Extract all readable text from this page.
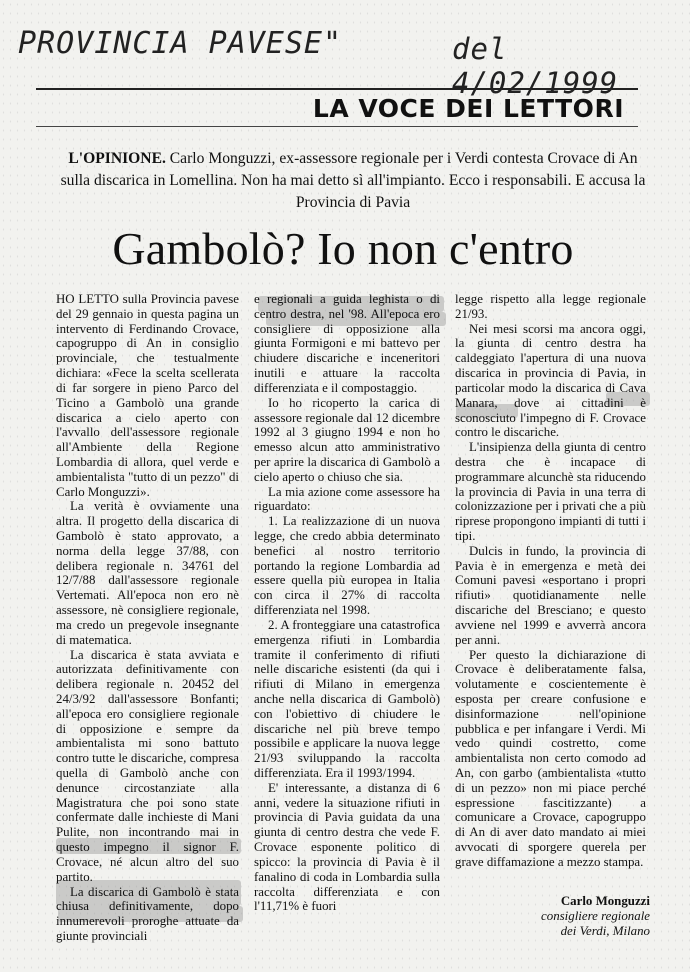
PROVINCIA PAVESE"	del 4/02/1999
LA VOCE DEI LETTORI
L'OPINIONE. Carlo Monguzzi, ex-assessore regionale per i Verdi contesta Crovace di An sulla discarica in Lomellina. Non ha mai detto sì all'impianto. Ecco i responsabili. E accusa la Provincia di Pavia
Gambolò? Io non c'entro

HO LETTO sulla Provincia pavese del 29 gennaio in questa pagina un intervento di Ferdinando Crovace, capogruppo di An in consiglio provinciale, che testualmente dichiara: «Fece la scelta scellerata di far sorgere in pieno Parco del Ticino a Gambolò una grande discarica a cielo aperto con l'avvallo dell'assessore regionale all'Ambiente della Regione Lombardia di allora, quel verde e ambientalista "tutto di un pezzo" di Carlo Monguzzi».

La verità è ovviamente una altra. Il progetto della discarica di Gambolò è stato approvato, a norma della legge 37/88, con delibera regionale n. 34761 del 12/7/88 dall'assessore regionale Vertemati. All'epoca non ero nè assessore, nè consigliere regionale, ma credo un pregevole insegnante di matematica.

La discarica è stata avviata e autorizzata definitivamente con delibera regionale n. 20452 del 24/3/92 dall'assessore Bonfanti; all'epoca ero consigliere regionale di opposizione e sempre da ambientalista mi sono battuto contro tutte le discariche, compresa quella di Gambolò anche con denunce circostanziate alla Magistratura che poi sono state confermate dalle inchieste di Mani Pulite, non incontrando mai in questo impegno il signor F. Crovace, né alcun altro del suo partito.

La discarica di Gambolò è stata chiusa definitivamente, dopo innumerevoli proroghe attuate da giunte provinciali

e regionali a guida leghista o di centro destra, nel '98. All'epoca ero consigliere di opposizione alla giunta Formigoni e mi battevo per chiudere discariche e inceneritori inutili e attuare la raccolta differenziata e il compostaggio.

Io ho ricoperto la carica di assessore regionale dal 12 dicembre 1992 al 3 giugno 1994 e non ho emesso alcun atto amministrativo per aprire la discarica di Gambolò a cielo aperto o chiuso che sia.

La mia azione come assessore ha riguardato:

1. La realizzazione di un nuova legge, che credo abbia determinato benefici al nostro territorio portando la regione Lombardia ad essere quella più europea in Italia con circa il 27% di raccolta differenziata nel 1998.

2. A fronteggiare una catastrofica emergenza rifiuti in Lombardia tramite il conferimento di rifiuti nelle discariche esistenti (da qui i rifiuti di Milano in emergenza anche nella discarica di Gambolò) con l'obiettivo di chiudere le discariche nel più breve tempo possibile e applicare la nuova legge 21/93 sviluppando la raccolta differenziata. Era il 1993/1994.

E' interessante, a distanza di 6 anni, vedere la situazione rifiuti in provincia di Pavia guidata da una giunta di centro destra che vede F. Crovace esponente politico di spicco: la provincia di Pavia è il fanalino di coda in Lombardia sulla raccolta differenziata e con l'11,71% è fuori

legge rispetto alla legge regionale 21/93.

Nei mesi scorsi ma ancora oggi, la giunta di centro destra ha caldeggiato l'apertura di una nuova discarica in provincia di Pavia, in particolar modo la discarica di Cava Manara, dove ai cittadini è sconosciuto l'impegno di F. Crovace contro le discariche.

L'insipienza della giunta di centro destra che è incapace di programmare alcunchè sta riducendo la provincia di Pavia in una terra di colonizzazione per i privati che a più riprese propongono impianti di tutti i tipi.

Dulcis in fundo, la provincia di Pavia è in emergenza e metà dei Comuni pavesi «esportano i propri rifiuti» quotidianamente nelle discariche del Bresciano; e questo avviene nel 1999 e avverrà ancora per anni.

Per questo la dichiarazione di Crovace è deliberatamente falsa, volutamente e coscientemente è esposta per creare confusione e disinformazione nell'opinione pubblica e per infangare i Verdi. Mi vedo quindi costretto, come ambientalista non certo comodo ad An, con garbo (ambientalista «tutto di un pezzo» non mi piace perché espressione fascitizzante) a comunicare a Crovace, capogruppo di An di aver dato mandato ai miei avvocati di sporgere querela per grave diffamazione a mezzo stampa.

Carlo Monguzzi
consigliere regionale
dei Verdi, Milano
